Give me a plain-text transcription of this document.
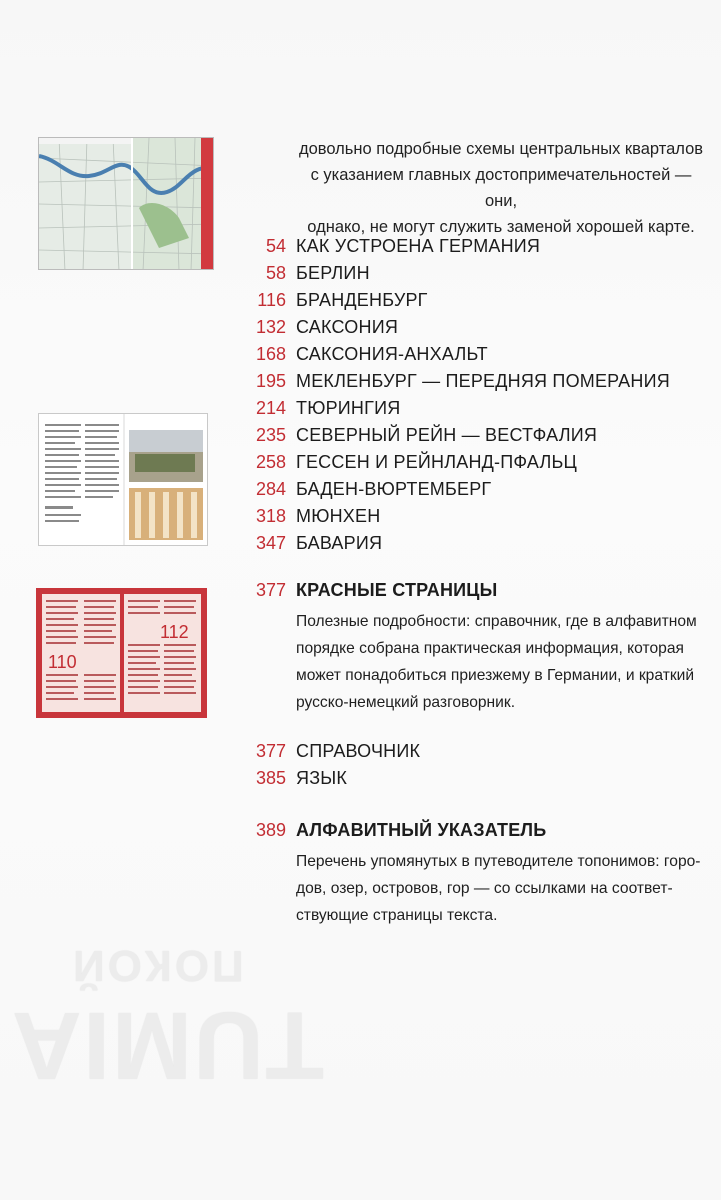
TUMIA
ПОКОЙ
110
112
довольно подробные схемы центральных кварталов
с указанием главных достопримечательностей — они,
однако, не могут служить заменой хорошей карте.
54 КАК УСТРОЕНА ГЕРМАНИЯ
58 БЕРЛИН
116 БРАНДЕНБУРГ
132 САКСОНИЯ
168 САКСОНИЯ-АНХАЛЬТ
195 МЕКЛЕНБУРГ — ПЕРЕДНЯЯ ПОМЕРАНИЯ
214 ТЮРИНГИЯ
235 СЕВЕРНЫЙ РЕЙН — ВЕСТФАЛИЯ
258 ГЕССЕН И РЕЙНЛАНД-ПФАЛЬЦ
284 БАДЕН-ВЮРТЕМБЕРГ
318 МЮНХЕН
347 БАВАРИЯ
377 КРАСНЫЕ СТРАНИЦЫ
Полезные подробности: справочник, где в алфавитном
порядке собрана практическая информация, которая
может понадобиться приезжему в Германии, и краткий
русско-немецкий разговорник.
377 СПРАВОЧНИК
385 ЯЗЫК
389 АЛФАВИТНЫЙ УКАЗАТЕЛЬ
Перечень упомянутых в путеводителе топонимов: горо-
дов, озер, островов, гор — со ссылками на соответ-
ствующие страницы текста.
